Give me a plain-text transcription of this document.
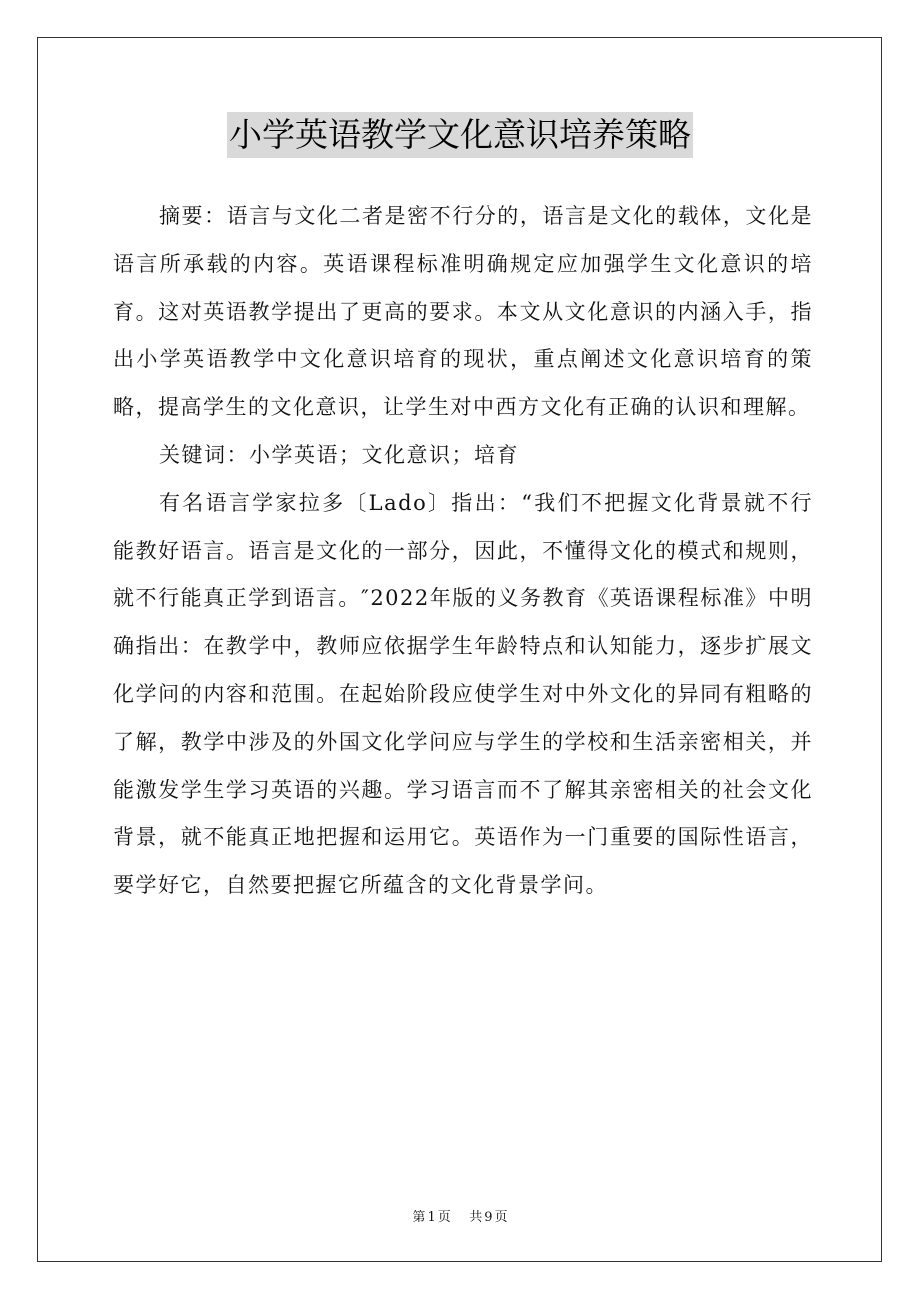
小学英语教学文化意识培养策略

摘要：语言与文化二者是密不行分的，语言是文化的载体，文化是语言所承载的内容。英语课程标准明确规定应加强学生文化意识的培育。这对英语教学提出了更高的要求。本文从文化意识的内涵入手，指出小学英语教学中文化意识培育的现状，重点阐述文化意识培育的策略，提高学生的文化意识，让学生对中西方文化有正确的认识和理解。

关键词：小学英语；文化意识；培育

有名语言学家拉多〔Lado〕指出：“我们不把握文化背景就不行能教好语言。语言是文化的一部分，因此，不懂得文化的模式和规则，就不行能真正学到语言。″2022年版的义务教育《英语课程标准》中明确指出：在教学中，教师应依据学生年龄特点和认知能力，逐步扩展文化学问的内容和范围。在起始阶段应使学生对中外文化的异同有粗略的了解，教学中涉及的外国文化学问应与学生的学校和生活亲密相关，并能激发学生学习英语的兴趣。学习语言而不了解其亲密相关的社会文化背景，就不能真正地把握和运用它。英语作为一门重要的国际性语言，要学好它，自然要把握它所蕴含的文化背景学问。

第 1 页 共 9 页
